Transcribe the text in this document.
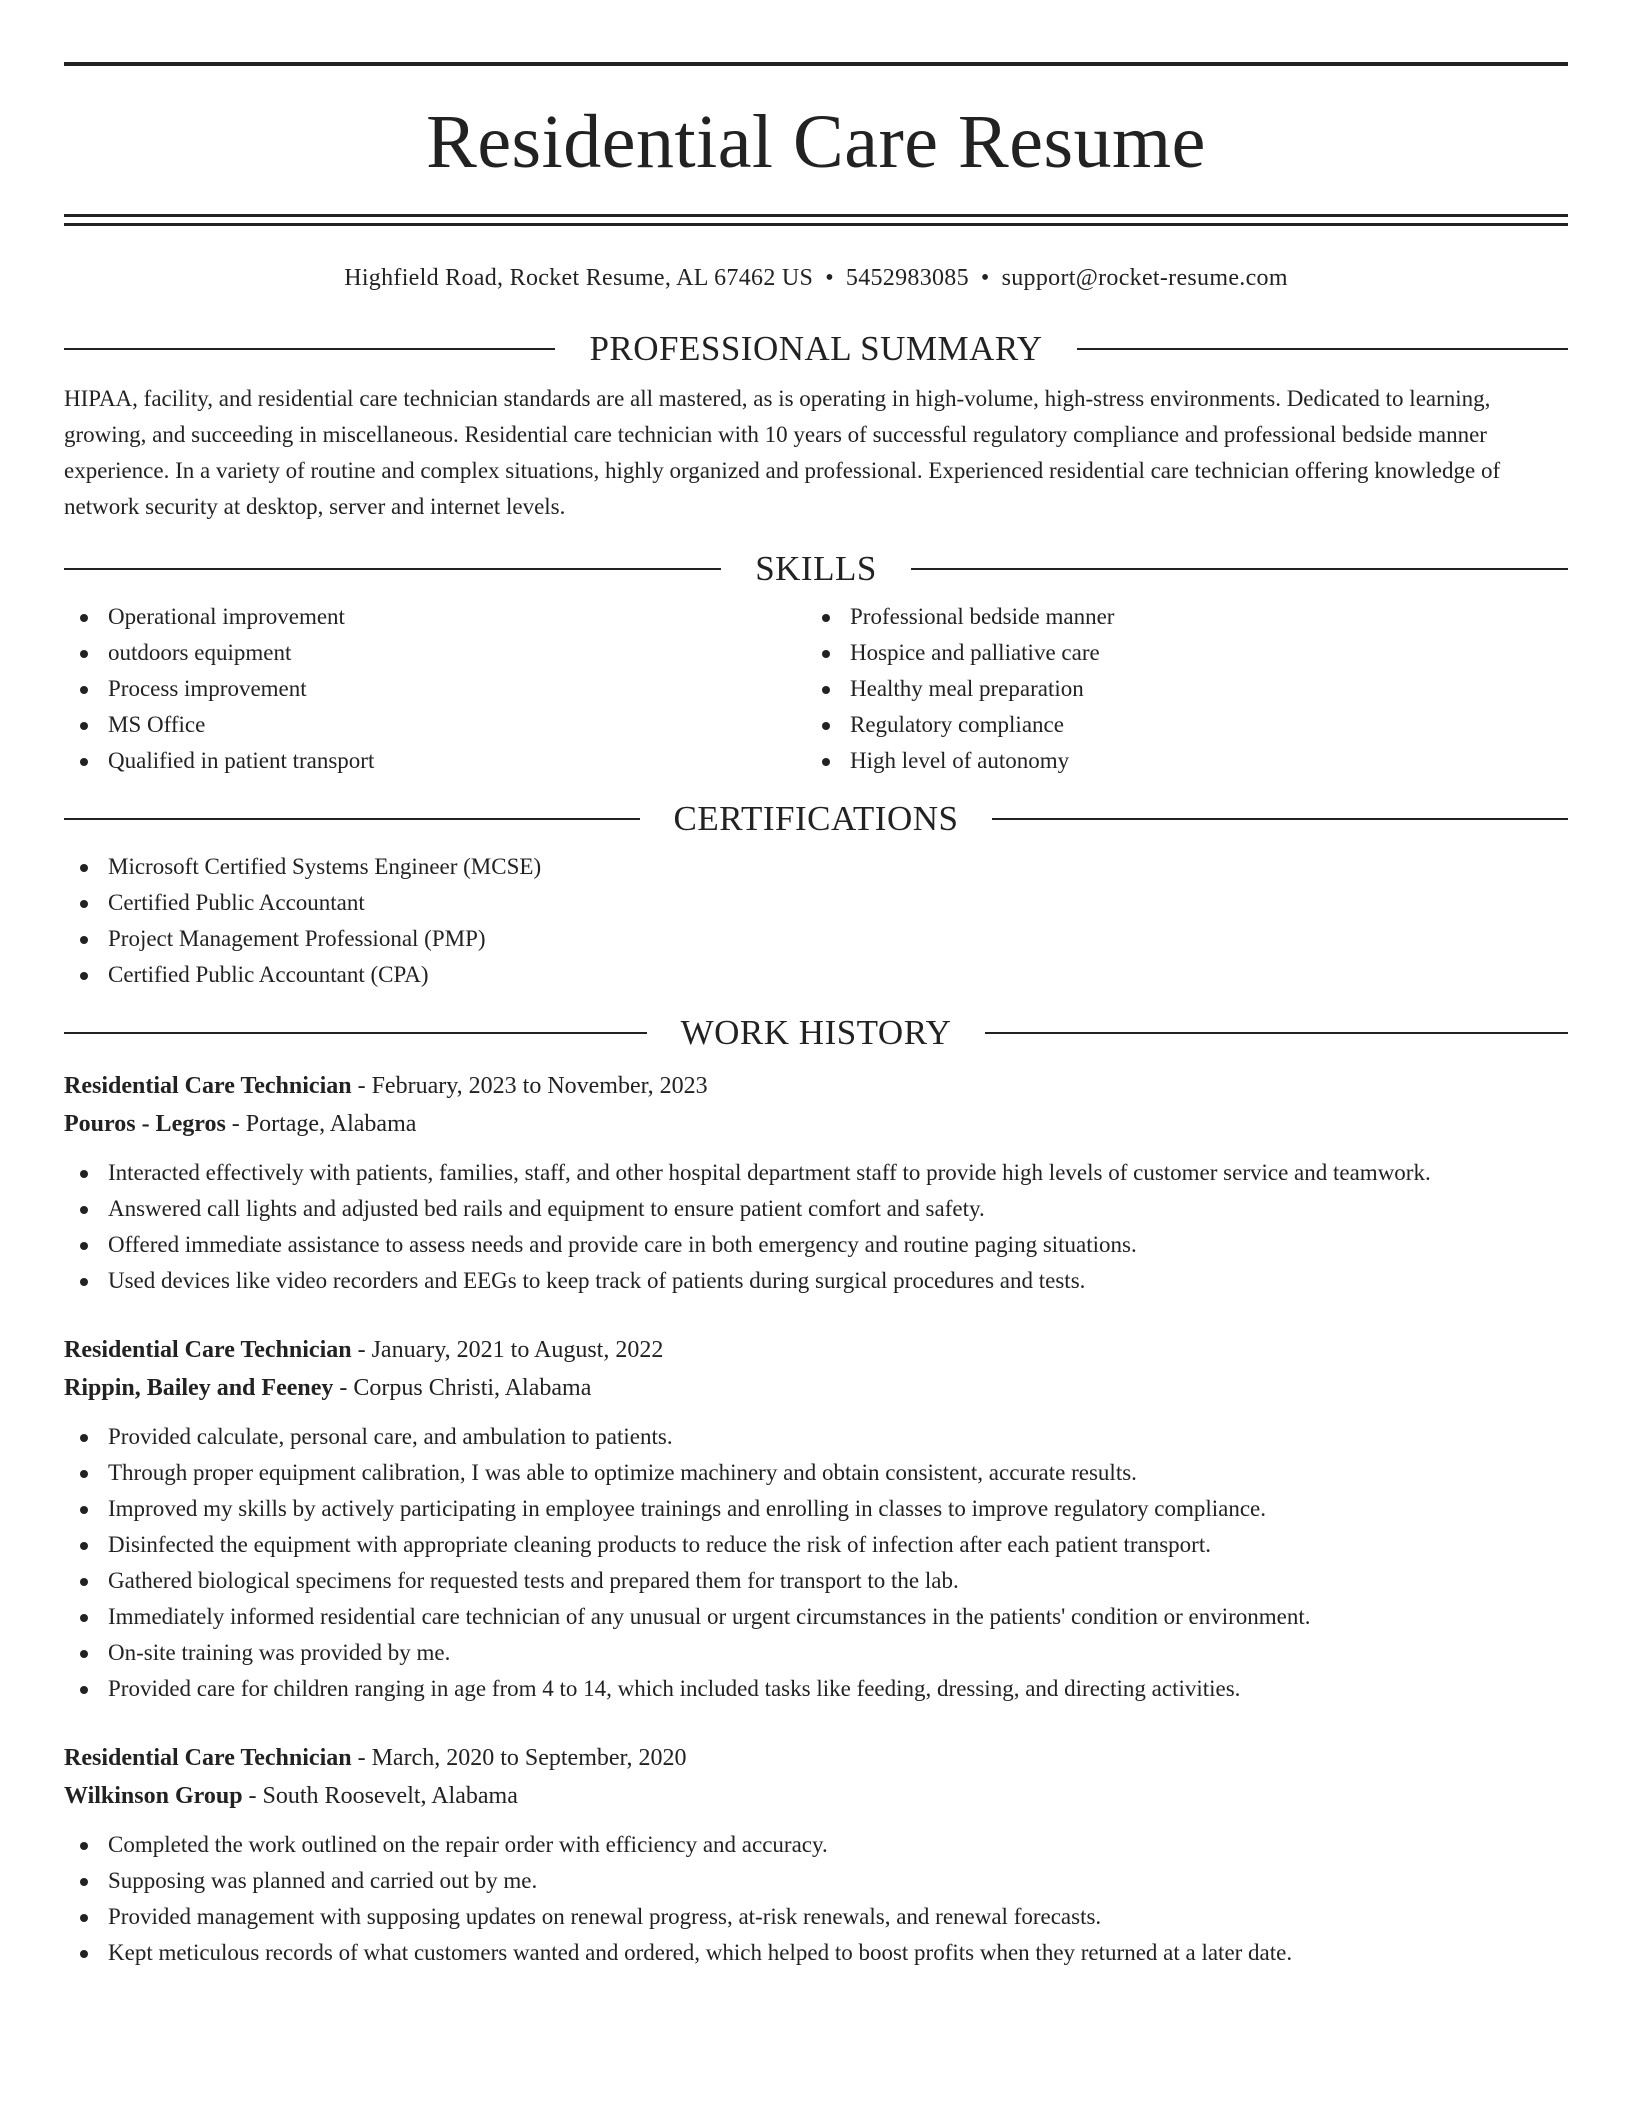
Residential Care Resume
Highfield Road, Rocket Resume, AL 67462 US • 5452983085 • support@rocket-resume.com
PROFESSIONAL SUMMARY

HIPAA, facility, and residential care technician standards are all mastered, as is operating in high-volume, high-stress environments. Dedicated to learning, growing, and succeeding in miscellaneous. Residential care technician with 10 years of successful regulatory compliance and professional bedside manner experience. In a variety of routine and complex situations, highly organized and professional. Experienced residential care technician offering knowledge of network security at desktop, server and internet levels.

SKILLS
Operational improvement
outdoors equipment
Process improvement
MS Office
Qualified in patient transport
Professional bedside manner
Hospice and palliative care
Healthy meal preparation
Regulatory compliance
High level of autonomy
CERTIFICATIONS
Microsoft Certified Systems Engineer (MCSE)
Certified Public Accountant
Project Management Professional (PMP)
Certified Public Accountant (CPA)
WORK HISTORY
Residential Care Technician - February, 2023 to November, 2023
Pouros - Legros - Portage, Alabama
Interacted effectively with patients, families, staff, and other hospital department staff to provide high levels of customer service and teamwork.
Answered call lights and adjusted bed rails and equipment to ensure patient comfort and safety.
Offered immediate assistance to assess needs and provide care in both emergency and routine paging situations.
Used devices like video recorders and EEGs to keep track of patients during surgical procedures and tests.
Residential Care Technician - January, 2021 to August, 2022
Rippin, Bailey and Feeney - Corpus Christi, Alabama
Provided calculate, personal care, and ambulation to patients.
Through proper equipment calibration, I was able to optimize machinery and obtain consistent, accurate results.
Improved my skills by actively participating in employee trainings and enrolling in classes to improve regulatory compliance.
Disinfected the equipment with appropriate cleaning products to reduce the risk of infection after each patient transport.
Gathered biological specimens for requested tests and prepared them for transport to the lab.
Immediately informed residential care technician of any unusual or urgent circumstances in the patients' condition or environment.
On-site training was provided by me.
Provided care for children ranging in age from 4 to 14, which included tasks like feeding, dressing, and directing activities.
Residential Care Technician - March, 2020 to September, 2020
Wilkinson Group - South Roosevelt, Alabama
Completed the work outlined on the repair order with efficiency and accuracy.
Supposing was planned and carried out by me.
Provided management with supposing updates on renewal progress, at-risk renewals, and renewal forecasts.
Kept meticulous records of what customers wanted and ordered, which helped to boost profits when they returned at a later date.
